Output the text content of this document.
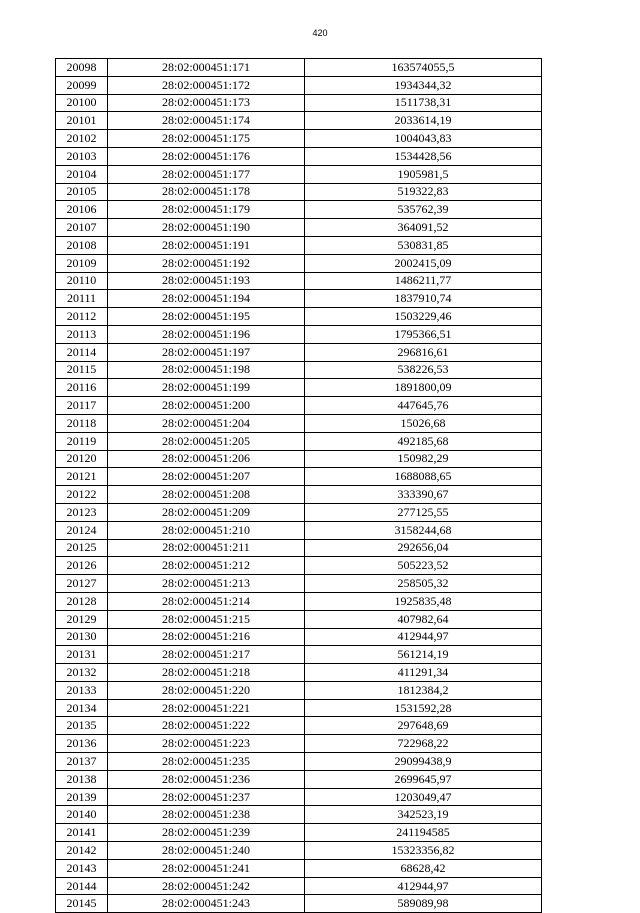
420
20098	28:02:000451:171	163574055,5
20099	28:02:000451:172	1934344,32
20100	28:02:000451:173	1511738,31
20101	28:02:000451:174	2033614,19
20102	28:02:000451:175	1004043,83
20103	28:02:000451:176	1534428,56
20104	28:02:000451:177	1905981,5
20105	28:02:000451:178	519322,83
20106	28:02:000451:179	535762,39
20107	28:02:000451:190	364091,52
20108	28:02:000451:191	530831,85
20109	28:02:000451:192	2002415,09
20110	28:02:000451:193	1486211,77
20111	28:02:000451:194	1837910,74
20112	28:02:000451:195	1503229,46
20113	28:02:000451:196	1795366,51
20114	28:02:000451:197	296816,61
20115	28:02:000451:198	538226,53
20116	28:02:000451:199	1891800,09
20117	28:02:000451:200	447645,76
20118	28:02:000451:204	15026,68
20119	28:02:000451:205	492185,68
20120	28:02:000451:206	150982,29
20121	28:02:000451:207	1688088,65
20122	28:02:000451:208	333390,67
20123	28:02:000451:209	277125,55
20124	28:02:000451:210	3158244,68
20125	28:02:000451:211	292656,04
20126	28:02:000451:212	505223,52
20127	28:02:000451:213	258505,32
20128	28:02:000451:214	1925835,48
20129	28:02:000451:215	407982,64
20130	28:02:000451:216	412944,97
20131	28:02:000451:217	561214,19
20132	28:02:000451:218	411291,34
20133	28:02:000451:220	1812384,2
20134	28:02:000451:221	1531592,28
20135	28:02:000451:222	297648,69
20136	28:02:000451:223	722968,22
20137	28:02:000451:235	29099438,9
20138	28:02:000451:236	2699645,97
20139	28:02:000451:237	1203049,47
20140	28:02:000451:238	342523,19
20141	28:02:000451:239	241194585
20142	28:02:000451:240	15323356,82
20143	28:02:000451:241	68628,42
20144	28:02:000451:242	412944,97
20145	28:02:000451:243	589089,98
